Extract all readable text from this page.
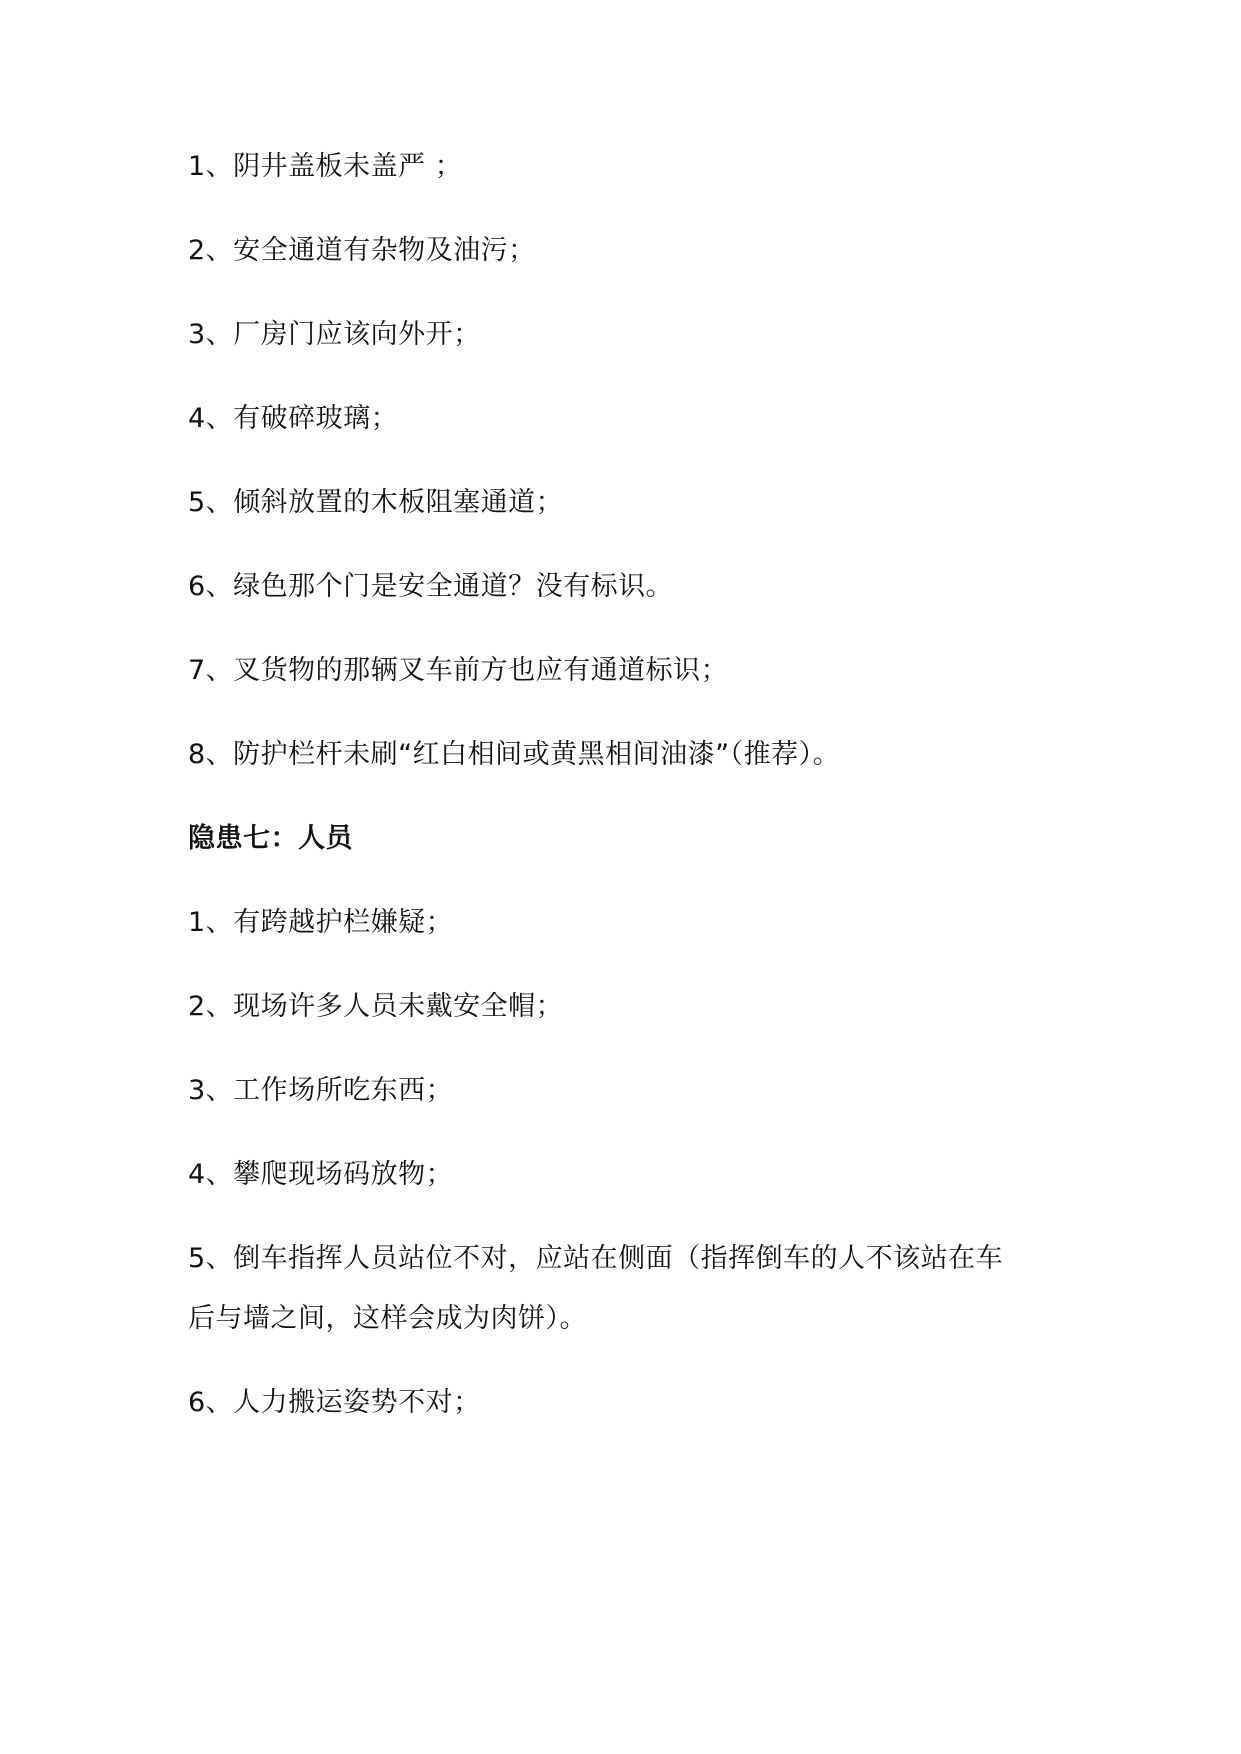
1、阴井盖板未盖严 ；
2、安全通道有杂物及油污；
3、厂房门应该向外开；
4、有破碎玻璃；
5、倾斜放置的木板阻塞通道；
6、绿色那个门是安全通道？没有标识。
7、叉货物的那辆叉车前方也应有通道标识；
8、防护栏杆未刷“红白相间或黄黑相间油漆”（推荐）。
隐患七：人员
1、有跨越护栏嫌疑；
2、现场许多人员未戴安全帽；
3、工作场所吃东西；
4、攀爬现场码放物；
5、倒车指挥人员站位不对，应站在侧面（指挥倒车的人不该站在车
后与墙之间，这样会成为肉饼）。
6、人力搬运姿势不对；
